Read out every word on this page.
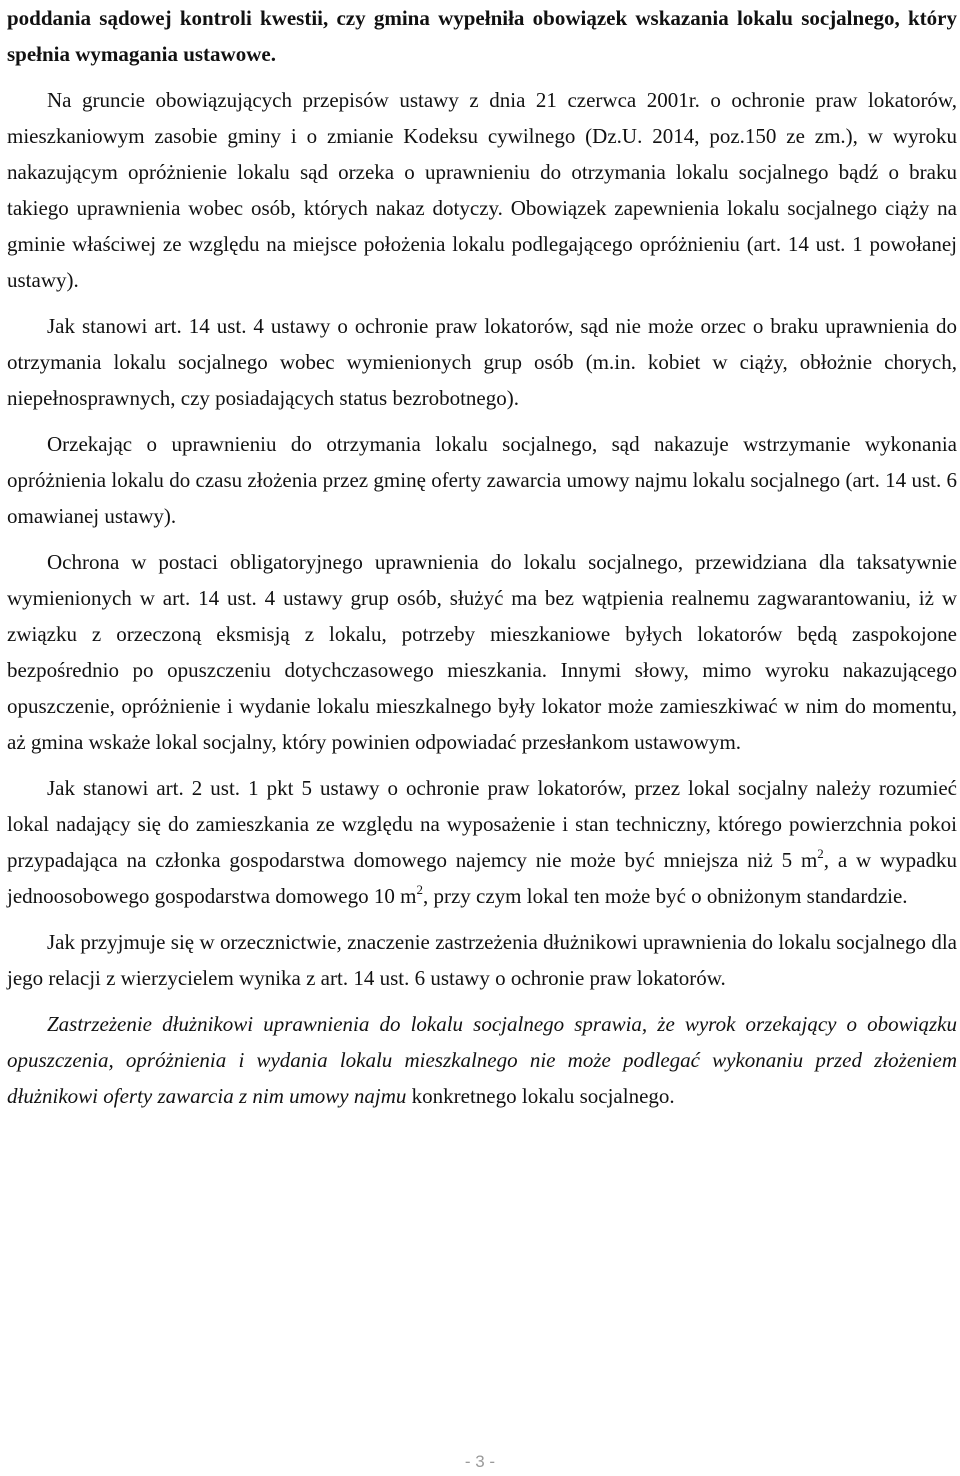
poddania sądowej kontroli kwestii, czy gmina wypełniła obowiązek wskazania lokalu socjalnego, który spełnia wymagania ustawowe.

Na gruncie obowiązujących przepisów ustawy z dnia 21 czerwca 2001r. o ochronie praw lokatorów, mieszkaniowym zasobie gminy i o zmianie Kodeksu cywilnego (Dz.U. 2014, poz.150 ze zm.), w wyroku nakazującym opróżnienie lokalu sąd orzeka o uprawnieniu do otrzymania lokalu socjalnego bądź o braku takiego uprawnienia wobec osób, których nakaz dotyczy. Obowiązek zapewnienia lokalu socjalnego ciąży na gminie właściwej ze względu na miejsce położenia lokalu podlegającego opróżnieniu (art. 14 ust. 1 powołanej ustawy).

Jak stanowi art. 14 ust. 4 ustawy o ochronie praw lokatorów, sąd nie może orzec o braku uprawnienia do otrzymania lokalu socjalnego wobec wymienionych grup osób (m.in. kobiet w ciąży, obłożnie chorych, niepełnosprawnych, czy posiadających status bezrobotnego).

Orzekając o uprawnieniu do otrzymania lokalu socjalnego, sąd nakazuje wstrzymanie wykonania opróżnienia lokalu do czasu złożenia przez gminę oferty zawarcia umowy najmu lokalu socjalnego (art. 14 ust. 6 omawianej ustawy).

Ochrona w postaci obligatoryjnego uprawnienia do lokalu socjalnego, przewidziana dla taksatywnie wymienionych w art. 14 ust. 4 ustawy grup osób, służyć ma bez wątpienia realnemu zagwarantowaniu, iż w związku z orzeczoną eksmisją z lokalu, potrzeby mieszkaniowe byłych lokatorów będą zaspokojone bezpośrednio po opuszczeniu dotychczasowego mieszkania. Innymi słowy, mimo wyroku nakazującego opuszczenie, opróżnienie i wydanie lokalu mieszkalnego były lokator może zamieszkiwać w nim do momentu, aż gmina wskaże lokal socjalny, który powinien odpowiadać przesłankom ustawowym.

Jak stanowi art. 2 ust. 1 pkt 5 ustawy o ochronie praw lokatorów, przez lokal socjalny należy rozumieć lokal nadający się do zamieszkania ze względu na wyposażenie i stan techniczny, którego powierzchnia pokoi przypadająca na członka gospodarstwa domowego najemcy nie może być mniejsza niż 5 $m^2$, a w wypadku jednoosobowego gospodarstwa domowego 10 $m^2$, przy czym lokal ten może być o obniżonym standardzie.

Jak przyjmuje się w orzecznictwie, znaczenie zastrzeżenia dłużnikowi uprawnienia do lokalu socjalnego dla jego relacji z wierzycielem wynika z art. 14 ust. 6 ustawy o ochronie praw lokatorów.

Zastrzeżenie dłużnikowi uprawnienia do lokalu socjalnego sprawia, że wyrok orzekający o obowiązku opuszczenia, opróżnienia i wydania lokalu mieszkalnego nie może podlegać wykonaniu przed złożeniem dłużnikowi oferty zawarcia z nim umowy najmu konkretnego lokalu socjalnego.

- 3 -
